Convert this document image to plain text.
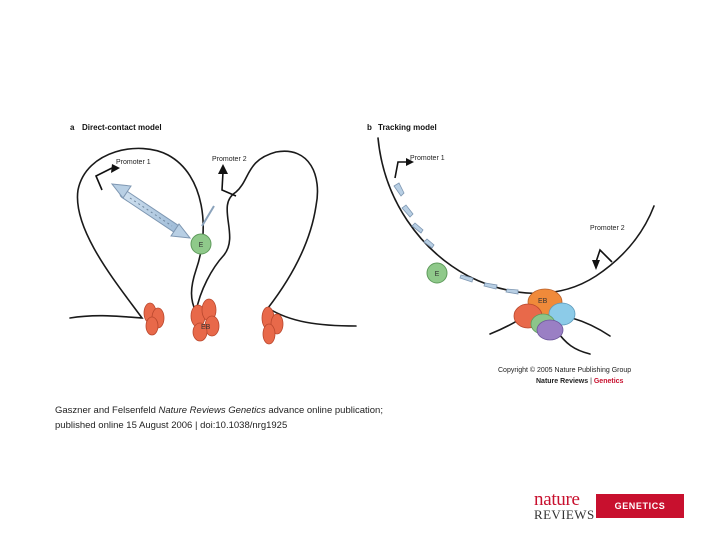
a Direct-contact model
Promoter 1	Promoter 2
E
EB
b Tracking model
Promoter 1
Promoter 2
E
EB
Copyright © 2005 Nature Publishing Group
Nature Reviews | Genetics
Gaszner and Felsenfeld Nature Reviews Genetics advance online publication;
published online 15 August 2006 | doi:10.1038/nrg1925
nature
REVIEWS
GENETICS
